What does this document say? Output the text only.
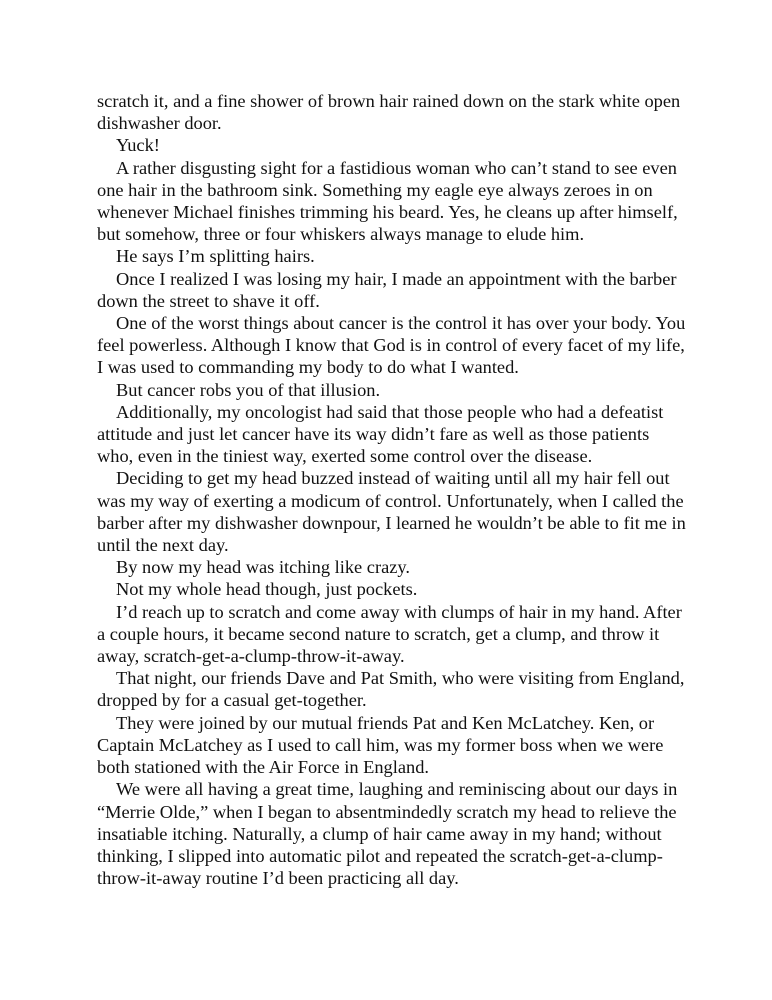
scratch it, and a fine shower of brown hair rained down on the stark white open dishwasher door.

Yuck!

A rather disgusting sight for a fastidious woman who can’t stand to see even one hair in the bathroom sink. Something my eagle eye always zeroes in on whenever Michael finishes trimming his beard. Yes, he cleans up after himself, but somehow, three or four whiskers always manage to elude him.

He says I’m splitting hairs.

Once I realized I was losing my hair, I made an appointment with the barber down the street to shave it off.

One of the worst things about cancer is the control it has over your body. You feel powerless. Although I know that God is in control of every facet of my life, I was used to commanding my body to do what I wanted.

But cancer robs you of that illusion.

Additionally, my oncologist had said that those people who had a defeatist attitude and just let cancer have its way didn’t fare as well as those patients who, even in the tiniest way, exerted some control over the disease.

Deciding to get my head buzzed instead of waiting until all my hair fell out was my way of exerting a modicum of control. Unfortunately, when I called the barber after my dishwasher downpour, I learned he wouldn’t be able to fit me in until the next day.

By now my head was itching like crazy.

Not my whole head though, just pockets.

I’d reach up to scratch and come away with clumps of hair in my hand. After a couple hours, it became second nature to scratch, get a clump, and throw it away, scratch-get-a-clump-throw-it-away.

That night, our friends Dave and Pat Smith, who were visiting from England, dropped by for a casual get-together.

They were joined by our mutual friends Pat and Ken McLatchey. Ken, or Captain McLatchey as I used to call him, was my former boss when we were both stationed with the Air Force in England.

We were all having a great time, laughing and reminiscing about our days in “Merrie Olde,” when I began to absentmindedly scratch my head to relieve the insatiable itching. Naturally, a clump of hair came away in my hand; without thinking, I slipped into automatic pilot and repeated the scratch-get-a-clump-throw-it-away routine I’d been practicing all day.
